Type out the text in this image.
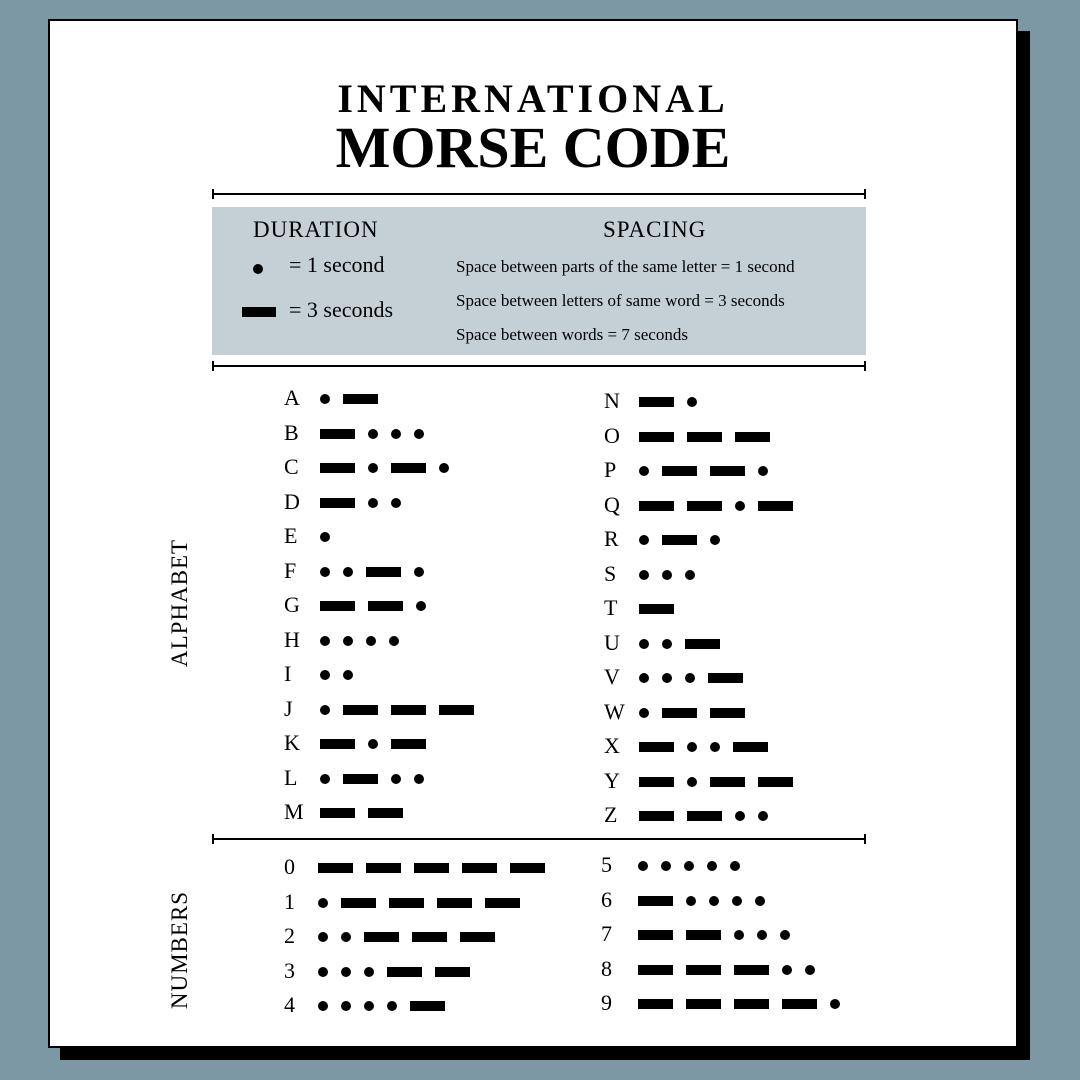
INTERNATIONAL
MORSE CODE
DURATION	SPACING
= 1 second
= 3 seconds
Space between parts of the same letter = 1 second
Space between letters of same word = 3 seconds
Space between words = 7 seconds
ALPHABET
A
B
C
D
E
F
G
H
I
J
K
L
M
N
O
P
Q
R
S
T
U
V
W
X
Y
Z
NUMBERS
0
1
2
3
4
5
6
7
8
9
